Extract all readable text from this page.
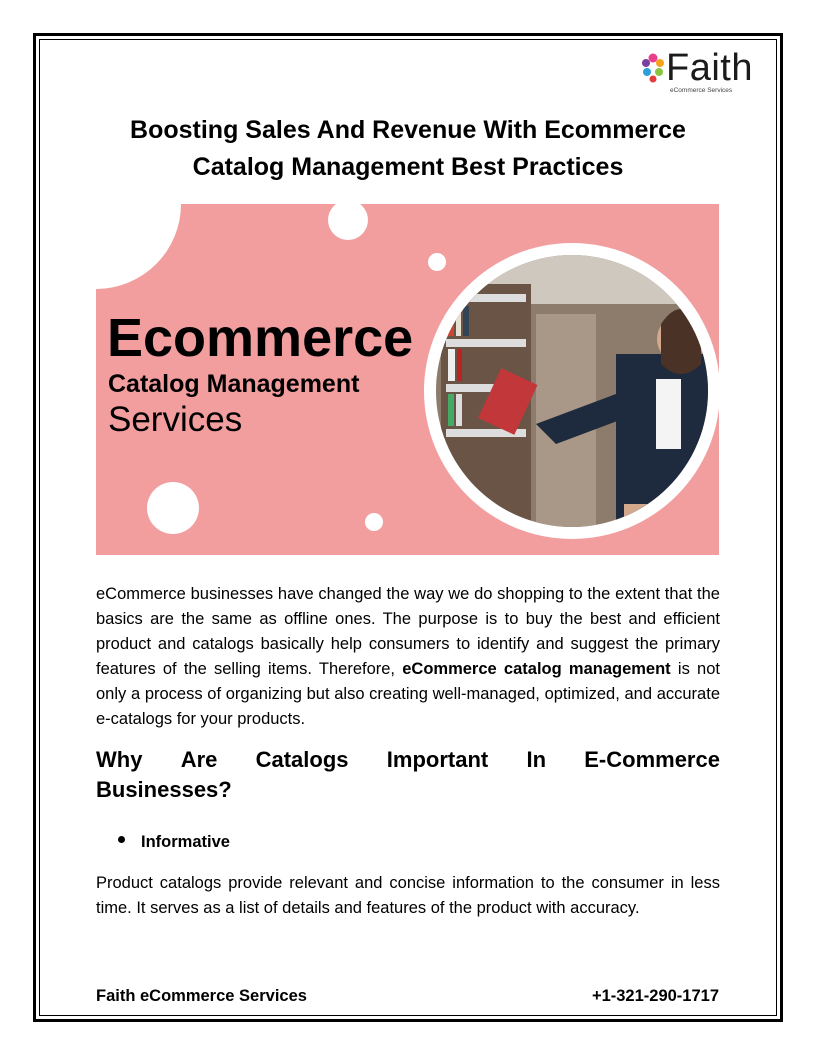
Faith
eCommerce Services
Boosting Sales And Revenue With Ecommerce Catalog Management Best Practices
Ecommerce
Catalog Management
Services

eCommerce businesses have changed the way we do shopping to the extent that the basics are the same as offline ones. The purpose is to buy the best and efficient product and catalogs basically help consumers to identify and suggest the primary features of the selling items. Therefore, eCommerce catalog management is not only a process of organizing but also creating well-managed, optimized, and accurate e-catalogs for your products.

Why Are Catalogs Important In E-Commerce
Businesses?
Informative

Product catalogs provide relevant and concise information to the consumer in less time. It serves as a list of details and features of the product with accuracy.

Faith eCommerce Services	+1-321-290-1717
